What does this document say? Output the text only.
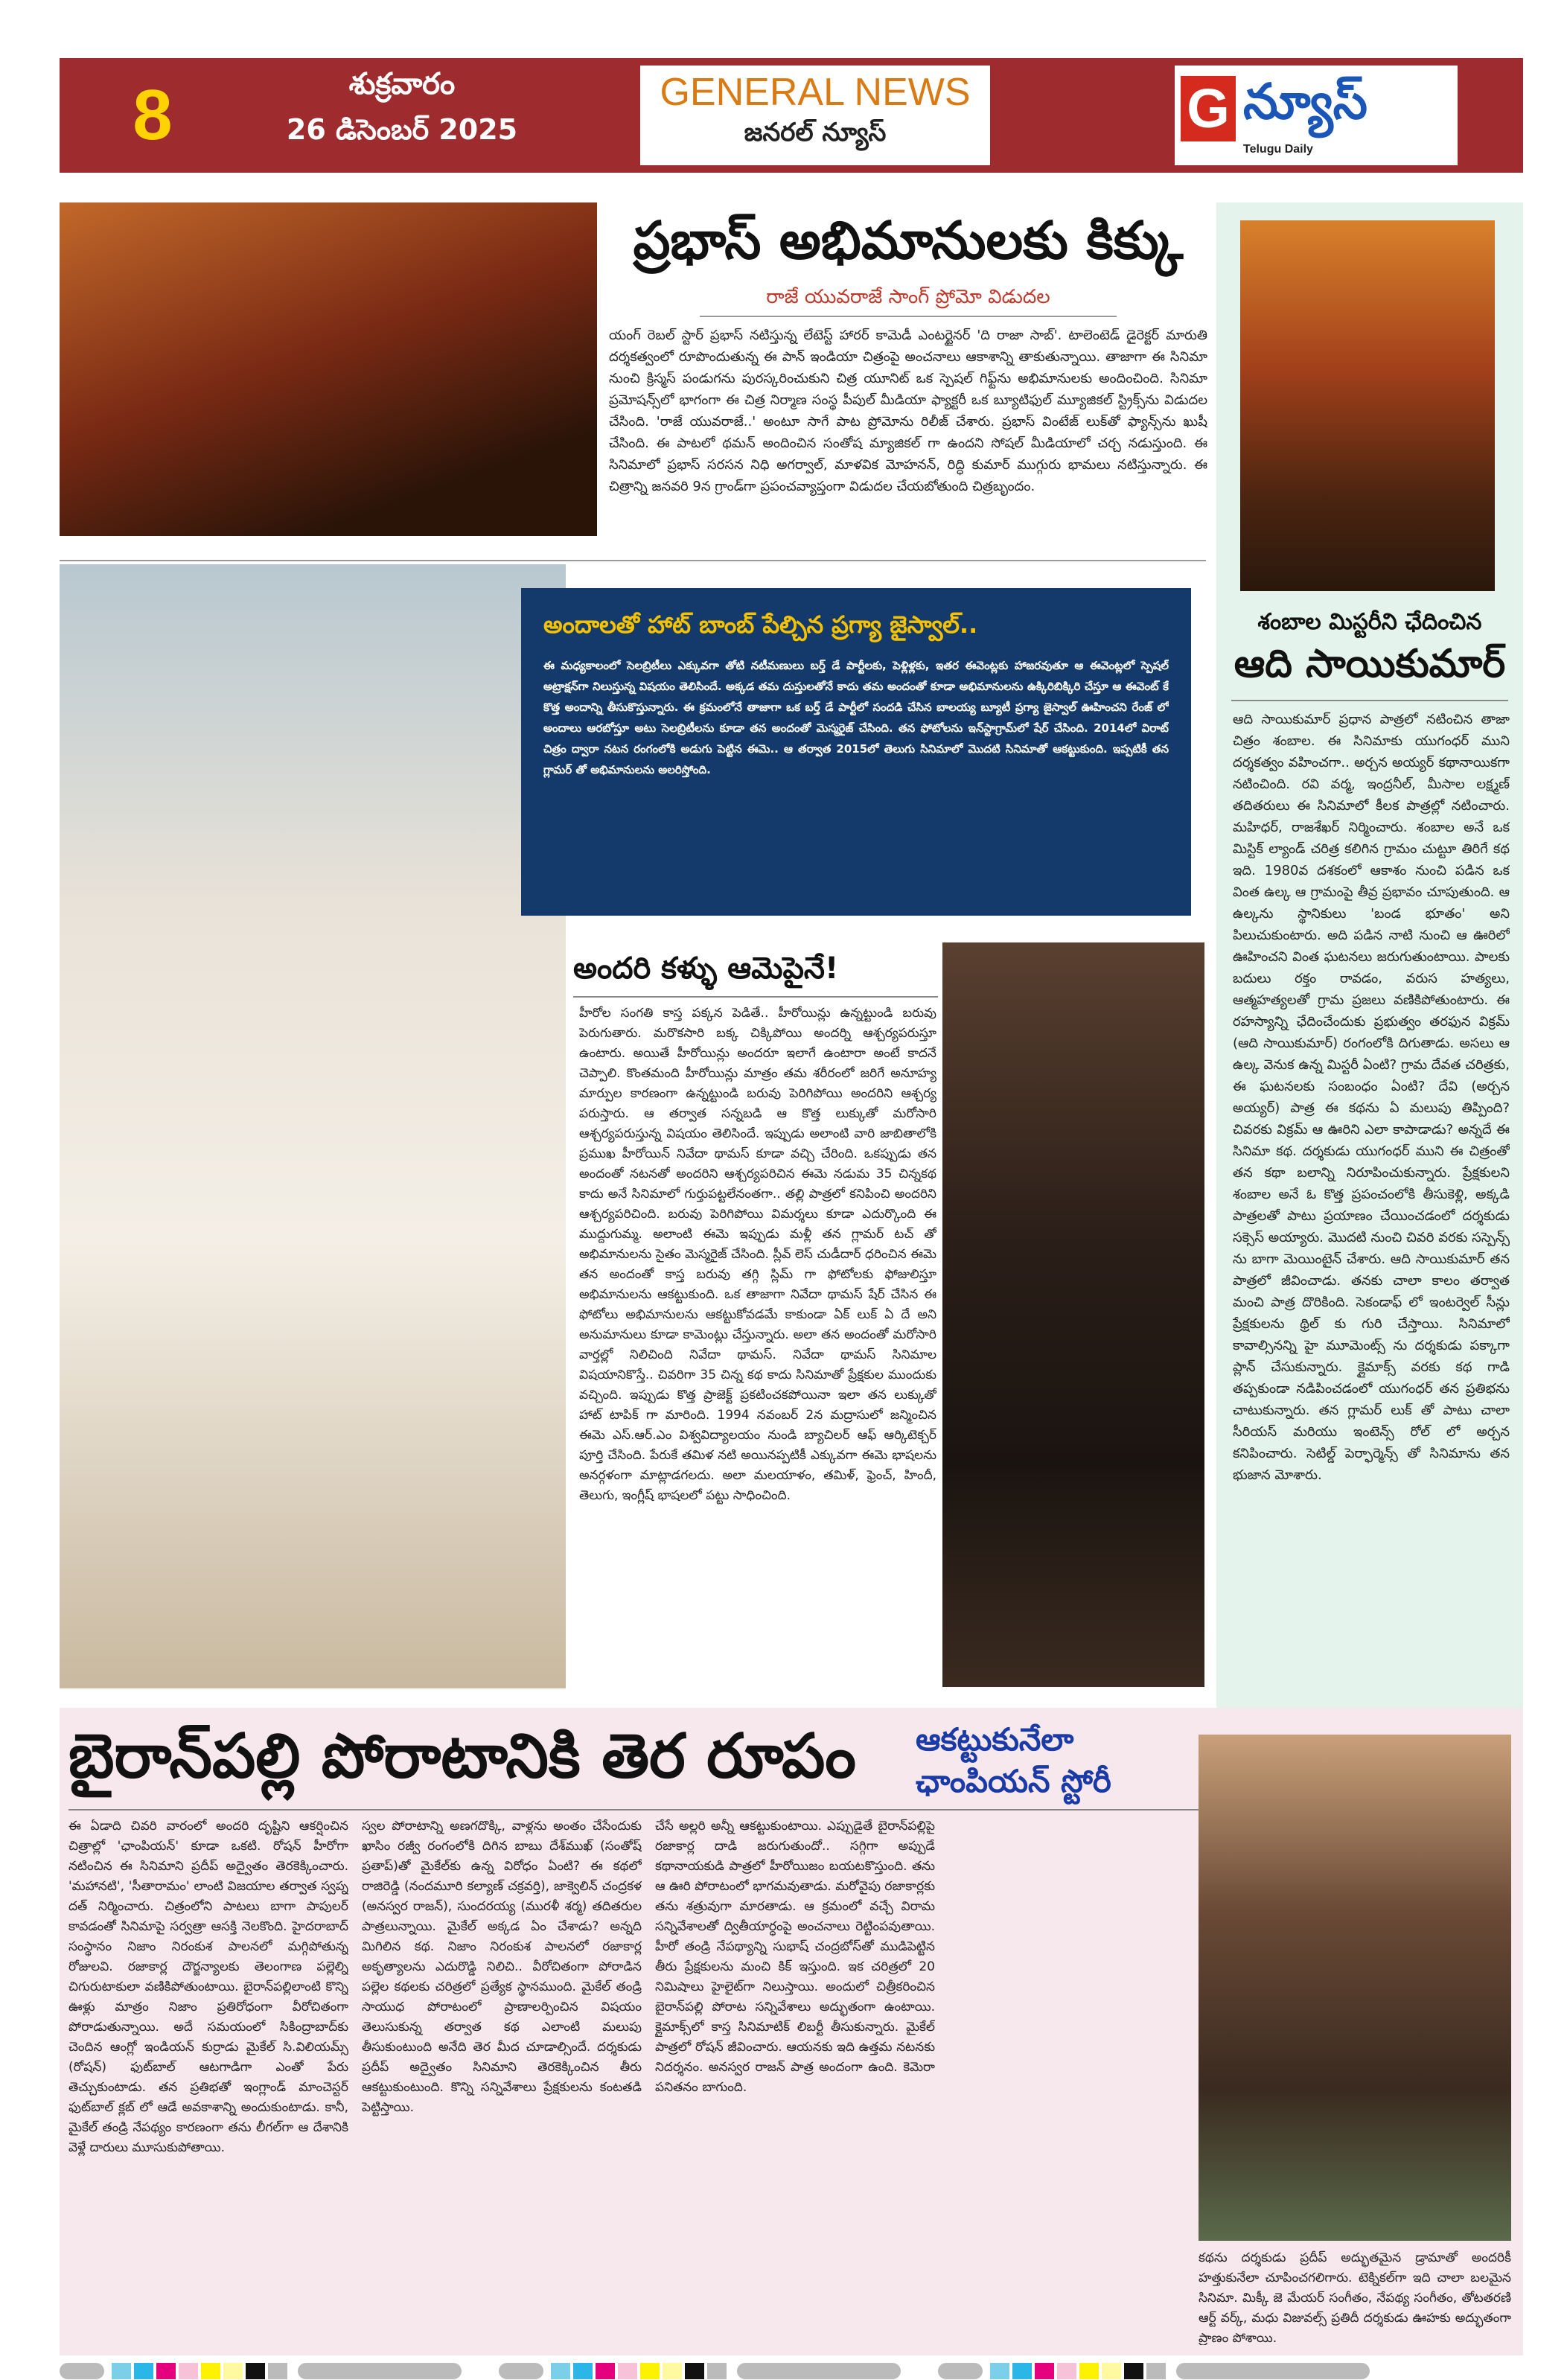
8	శుక్రవారం
26 డిసెంబర్ 2025
GENERAL NEWS
జనరల్ న్యూస్	G న్యూస్
Telugu Daily
ప్రభాస్ అభిమానులకు కిక్కు
రాజే యువరాజే సాంగ్ ప్రోమో విడుదల
యంగ్ రెబల్ స్టార్ ప్రభాస్ నటిస్తున్న లేటెస్ట్ హారర్ కామెడీ ఎంటర్టైనర్ 'ది రాజా సాబ్'. టాలెంటెడ్ డైరెక్టర్ మారుతి దర్శకత్వంలో రూపొందుతున్న ఈ పాన్ ఇండియా చిత్రంపై అంచనాలు ఆకాశాన్ని తాకుతున్నాయి. తాజాగా ఈ సినిమా నుంచి క్రిస్మస్ పండుగను పురస్కరించుకుని చిత్ర యూనిట్ ఒక స్పెషల్ గిఫ్ట్‌ను అభిమానులకు అందించింది. సినిమా ప్రమోషన్స్‌లో భాగంగా ఈ చిత్ర నిర్మాణ సంస్థ పీపుల్ మీడియా ఫ్యాక్టరీ ఒక బ్యూటిఫుల్ మ్యూజికల్ స్ట్రిక్స్‌ను విడుదల చేసింది. 'రాజే యువరాజే..' అంటూ సాగే పాట ప్రోమోను రిలీజ్ చేశారు. ప్రభాస్ వింటేజ్ లుక్‌తో ఫ్యాన్స్‌ను ఖుషీ చేసింది. ఈ పాటలో థమన్ అందించిన సంతోష మ్యాజికల్ గా ఉందని సోషల్ మీడియాలో చర్చ నడుస్తుంది. ఈ సినిమాలో ప్రభాస్ సరసన నిధి అగర్వాల్, మాళవిక మోహనన్, రిద్ధి కుమార్ ముగ్గురు భామలు నటిస్తున్నారు. ఈ చిత్రాన్ని జనవరి 9న గ్రాండ్‌గా ప్రపంచవ్యాప్తంగా విడుదల చేయబోతుంది చిత్రబృందం.
శంబాల మిస్టరీని ఛేదించిన
ఆది సాయికుమార్
ఆది సాయికుమార్ ప్రధాన పాత్రలో నటించిన తాజా చిత్రం శంబాల. ఈ సినిమాకు యుగంధర్ ముని దర్శకత్వం వహించగా.. అర్చన అయ్యర్ కథానాయికగా నటించింది. రవి వర్మ, ఇంద్రనీల్, మీసాల లక్ష్మణ్ తదితరులు ఈ సినిమాలో కీలక పాత్రల్లో నటించారు. మహిధర్, రాజశేఖర్ నిర్మించారు. శంబాల అనే ఒక మిస్టిక్ ల్యాండ్ చరిత్ర కలిగిన గ్రామం చుట్టూ తిరిగే కథ ఇది. 1980వ దశకంలో ఆకాశం నుంచి పడిన ఒక వింత ఉల్క ఆ గ్రామంపై తీవ్ర ప్రభావం చూపుతుంది. ఆ ఉల్కను స్థానికులు 'బండ భూతం' అని పిలుచుకుంటారు. అది పడిన నాటి నుంచి ఆ ఊరిలో ఊహించని వింత ఘటనలు జరుగుతుంటాయి. పాలకు బదులు రక్తం రావడం, వరుస హత్యలు, ఆత్మహత్యలతో గ్రామ ప్రజలు వణికిపోతుంటారు. ఈ రహస్యాన్ని ఛేదించేందుకు ప్రభుత్వం తరఫున విక్రమ్ (ఆది సాయికుమార్) రంగంలోకి దిగుతాడు. అసలు ఆ ఉల్క వెనుక ఉన్న మిస్టరీ ఏంటి? గ్రామ దేవత చరిత్రకు, ఈ ఘటనలకు సంబంధం ఏంటి? దేవి (అర్చన అయ్యర్) పాత్ర ఈ కథను ఏ మలుపు తిప్పింది? చివరకు విక్రమ్ ఆ ఊరిని ఎలా కాపాడాడు? అన్నదే ఈ సినిమా కథ. దర్శకుడు యుగంధర్ ముని ఈ చిత్రంతో తన కథా బలాన్ని నిరూపించుకున్నారు. ప్రేక్షకులని శంబాల అనే ఓ కొత్త ప్రపంచంలోకి తీసుకెళ్లి, అక్కడి పాత్రలతో పాటు ప్రయాణం చేయించడంలో దర్శకుడు సక్సెస్ అయ్యారు. మొదటి నుంచి చివరి వరకు సస్పెన్స్ ను బాగా మెయింటైన్ చేశారు. ఆది సాయికుమార్ తన పాత్రలో జీవించాడు. తనకు చాలా కాలం తర్వాత మంచి పాత్ర దొరికింది. సెకండాఫ్ లో ఇంటర్వెల్ సీన్లు ప్రేక్షకులను థ్రిల్ కు గురి చేస్తాయి. సినిమాలో కావాల్సినన్ని హై మూమెంట్స్ ను దర్శకుడు పక్కాగా ప్లాన్ చేసుకున్నారు. క్లైమాక్స్ వరకు కథ గాడి తప్పకుండా నడిపించడంలో యుగంధర్ తన ప్రతిభను చాటుకున్నారు. తన గ్లామర్ లుక్ తో పాటు చాలా సీరియస్ మరియు ఇంటెన్స్ రోల్ లో అర్చన కనిపించారు. సెటిల్డ్ పెర్ఫార్మెన్స్ తో సినిమాను తన భుజాన మోశారు.
అందాలతో హాట్ బాంబ్ పేల్చిన ప్రగ్యా జైస్వాల్..
ఈ మధ్యకాలంలో సెలబ్రిటీలు ఎక్కువగా తోటి నటీమణులు బర్త్ డే పార్టీలకు, పెళ్లిళ్లకు, ఇతర ఈవెంట్లకు హాజరవుతూ ఆ ఈవెంట్లలో స్పెషల్ అట్రాక్షన్‌గా నిలుస్తున్న విషయం తెలిసిందే. అక్కడ తమ దుస్తులతోనే కాదు తమ అందంతో కూడా అభిమానులను ఉక్కిరిబిక్కిరి చేస్తూ ఆ ఈవెంట్ కే కొత్త అందాన్ని తీసుకొస్తున్నారు. ఈ క్రమంలోనే తాజాగా ఒక బర్త్ డే పార్టీలో సందడి చేసిన బాలయ్య బ్యూటీ ప్రగ్యా జైస్వాల్ ఊహించని రేంజ్ లో అందాలు ఆరబోస్తూ అటు సెలబ్రిటీలను కూడా తన అందంతో మెస్మరైజ్ చేసింది. తన ఫోటోలను ఇన్‌స్టాగ్రామ్‌లో షేర్ చేసింది. 2014లో విరాట్ చిత్రం ద్వారా నటన రంగంలోకి అడుగు పెట్టిన ఈమె.. ఆ తర్వాత 2015లో తెలుగు సినిమాలో మొదటి సినిమాతో ఆకట్టుకుంది. ఇప్పటికీ తన గ్లామర్ తో అభిమానులను అలరిస్తోంది.
అందరి కళ్ళు ఆమెపైనే!
హీరోల సంగతి కాస్త పక్కన పెడితే.. హీరోయిన్లు ఉన్నట్టుండి బరువు పెరుగుతారు. మరొకసారి బక్క చిక్కిపోయి అందర్ని ఆశ్చర్యపరుస్తూ ఉంటారు. అయితే హీరోయిన్లు అందరూ ఇలాగే ఉంటారా అంటే కాదనే చెప్పాలి. కొంతమంది హీరోయిన్లు మాత్రం తమ శరీరంలో జరిగే అనూహ్య మార్పుల కారణంగా ఉన్నట్టుండి బరువు పెరిగిపోయి అందరిని ఆశ్చర్య పరుస్తారు. ఆ తర్వాత సన్నబడి ఆ కొత్త లుక్కుతో మరోసారి ఆశ్చర్యపరుస్తున్న విషయం తెలిసిందే. ఇప్పుడు అలాంటి వారి జాబితాలోకి ప్రముఖ హీరోయిన్ నివేదా థామస్ కూడా వచ్చి చేరింది. ఒకప్పుడు తన అందంతో నటనతో అందరిని ఆశ్చర్యపరిచిన ఈమె నడుమ 35 చిన్నకథ కాదు అనే సినిమాలో గుర్తుపట్టలేనంతగా.. తల్లి పాత్రలో కనిపించి అందరిని ఆశ్చర్యపరిచింది. బరువు పెరిగిపోయి విమర్శలు కూడా ఎదుర్కొంది ఈ ముద్దుగుమ్మ. అలాంటి ఈమె ఇప్పుడు మళ్లీ తన గ్లామర్ టచ్ తో అభిమానులను సైతం మెస్మరైజ్ చేసింది. స్లీవ్ లెస్ చుడీదార్ ధరించిన ఈమె తన అందంతో కాస్త బరువు తగ్గి స్లిమ్ గా ఫోటోలకు ఫోజులిస్తూ అభిమానులను ఆకట్టుకుంది. ఒక తాజాగా నివేదా థామస్ షేర్ చేసిన ఈ ఫోటోలు అభిమానులను ఆకట్టుకోవడమే కాకుండా ఏక్ లుక్ ఏ దే అని అనుమానులు కూడా కామెంట్లు చేస్తున్నారు. అలా తన అందంతో మరోసారి వార్తల్లో నిలిచింది నివేదా థామస్. నివేదా థామస్ సినిమాల విషయానికొస్తే.. చివరిగా 35 చిన్న కథ కాదు సినిమాతో ప్రేక్షకుల ముందుకు వచ్చింది. ఇప్పుడు కొత్త ప్రాజెక్ట్ ప్రకటించకపోయినా ఇలా తన లుక్కుతో హాట్ టాపిక్ గా మారింది. 1994 నవంబర్ 2న మద్రాసులో జన్మించిన ఈమె ఎస్.ఆర్.ఎం విశ్వవిద్యాలయం నుండి బ్యాచిలర్ ఆఫ్ ఆర్కిటెక్చర్ పూర్తి చేసింది. పేరుకే తమిళ నటి అయినప్పటికీ ఎక్కువగా ఈమె భాషలను అనర్గళంగా మాట్లాడగలదు. అలా మలయాళం, తమిళ్, ఫ్రెంచ్, హిందీ, తెలుగు, ఇంగ్లీష్ భాషలలో పట్టు సాధించింది.
బైరాన్‌పల్లి పోరాటానికి తెర రూపం	ఆకట్టుకునేలా
ఛాంపియన్ స్టోరీ
ఈ ఏడాది చివరి వారంలో అందరి దృష్టిని ఆకర్షించిన చిత్రాల్లో 'ఛాంపియన్' కూడా ఒకటి. రోషన్ హీరోగా నటించిన ఈ సినిమాని ప్రదీప్ అద్వైతం తెరకెక్కించారు. 'మహానటి', 'సీతారామం' లాంటి విజయాల తర్వాత స్వప్న దత్ నిర్మించారు. చిత్రంలోని పాటలు బాగా పాపులర్ కావడంతో సినిమాపై సర్వత్రా ఆసక్తి నెలకొంది. హైదరాబాద్ సంస్థానం నిజాం నిరంకుశ పాలనలో మగ్గిపోతున్న రోజులవి. రజాకార్ల దౌర్జన్యాలకు తెలంగాణ పల్లెల్ని చిగురుటాకులా వణికిపోతుంటాయి. బైరాన్‌పల్లిలాంటి కొన్ని ఊళ్లు మాత్రం నిజాం ప్రతిరోధంగా వీరోచితంగా పోరాడుతున్నాయి. అదే సమయంలో సికింద్రాబాద్‌కు చెందిన ఆంగ్లో ఇండియన్ కుర్రాడు మైకేల్ సి.విలియమ్స్ (రోషన్) ఫుట్‌బాల్ ఆటగాడిగా ఎంతో పేరు తెచ్చుకుంటాడు. తన ప్రతిభతో ఇంగ్లాండ్ మాంచెస్టర్ ఫుట్‌బాల్ క్లబ్ లో ఆడే అవకాశాన్ని అందుకుంటాడు. కానీ, మైకేల్ తండ్రి నేపథ్యం కారణంగా తను లీగల్‌గా ఆ దేశానికి వెళ్లే దారులు మూసుకుపోతాయి.
స్వల పోరాటాన్ని అణగదొక్కి, వాళ్లను అంతం చేసేందుకు ఖాసిం రజ్వీ రంగంలోకి దిగిన బాబు దేశ్‌ముఖ్ (సంతోష్ ప్రతాప్)తో మైకేల్‌కు ఉన్న విరోధం ఏంటి? ఈ కథలో రాజిరెడ్డి (నందమూరి కల్యాణ్ చక్రవర్తి), జాక్వెలిన్ చంద్రకళ (అనస్వర రాజన్), సుందరయ్య (మురళీ శర్మ) తదితరుల పాత్రలున్నాయి. మైకేల్ అక్కడ ఏం చేశాడు? అన్నది మిగిలిన కథ. నిజాం నిరంకుశ పాలనలో రజాకార్ల అకృత్యాలను ఎదురొడ్డి నిలిచి.. వీరోచితంగా పోరాడిన పల్లెల కథలకు చరిత్రలో ప్రత్యేక స్థానముంది. మైకేల్ తండ్రి సాయుధ పోరాటంలో ప్రాణాలర్పించిన విషయం తెలుసుకున్న తర్వాత కథ ఎలాంటి మలుపు తీసుకుంటుంది అనేది తెర మీద చూడాల్సిందే. దర్శకుడు ప్రదీప్ అద్వైతం సినిమాని తెరకెక్కించిన తీరు ఆకట్టుకుంటుంది. కొన్ని సన్నివేశాలు ప్రేక్షకులను కంటతడి పెట్టిస్తాయి.
చేసే అల్లరి అన్నీ ఆకట్టుకుంటాయి. ఎప్పుడైతే బైరాన్‌పల్లిపై రజాకార్ల దాడి జరుగుతుందో.. సగ్గిగా అప్పుడే కథానాయకుడి పాత్రలో హీరోయిజం బయటకొస్తుంది. తను ఆ ఊరి పోరాటంలో భాగమవుతాడు. మరోవైపు రజాకార్లకు తను శత్రువుగా మారతాడు. ఆ క్రమంలో వచ్చే విరామ సన్నివేశాలతో ద్వితీయార్ధంపై అంచనాలు రెట్టింపవుతాయి. హీరో తండ్రి నేపథ్యాన్ని సుభాష్ చంద్రబోస్‌తో ముడిపెట్టిన తీరు ప్రేక్షకులను మంచి కిక్ ఇస్తుంది. ఇక చరిత్రలో 20 నిమిషాలు హైలైట్‌గా నిలుస్తాయి. అందులో చిత్రీకరించిన బైరాన్‌పల్లి పోరాట సన్నివేశాలు అద్భుతంగా ఉంటాయి. క్లైమాక్స్‌లో కాస్త సినిమాటిక్ లిబర్టీ తీసుకున్నారు. మైకేల్ పాత్రలో రోషన్ జీవించారు. ఆయనకు ఇది ఉత్తమ నటనకు నిదర్శనం. అనస్వర రాజన్ పాత్ర అందంగా ఉంది. కెమెరా పనితనం బాగుంది.
కథను దర్శకుడు ప్రదీప్ అద్భుతమైన డ్రామాతో అందరికీ హత్తుకునేలా చూపించగలిగారు. టెక్నికల్‌గా ఇది చాలా బలమైన సినిమా. మిక్కీ జె మేయర్ సంగీతం, నేపథ్య సంగీతం, తోటతరణి ఆర్ట్ వర్క్, మధు విజువల్స్ ప్రతిదీ దర్శకుడు ఊహకు అద్భుతంగా ప్రాణం పోశాయి.
